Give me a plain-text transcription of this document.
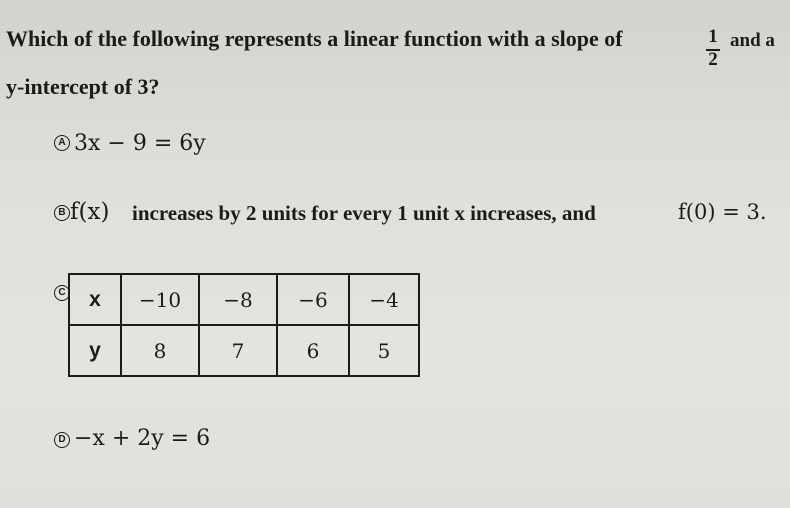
Which of the following represents a linear function with a slope of	1
2
and a
y-intercept of 3?
A 3x − 9 = 6y
B f(x) increases by 2 units for every 1 unit x increases, and	f(0) = 3.
C x	−10	−8	−6	−4
y	8	7	6	5
D −x + 2y = 6
